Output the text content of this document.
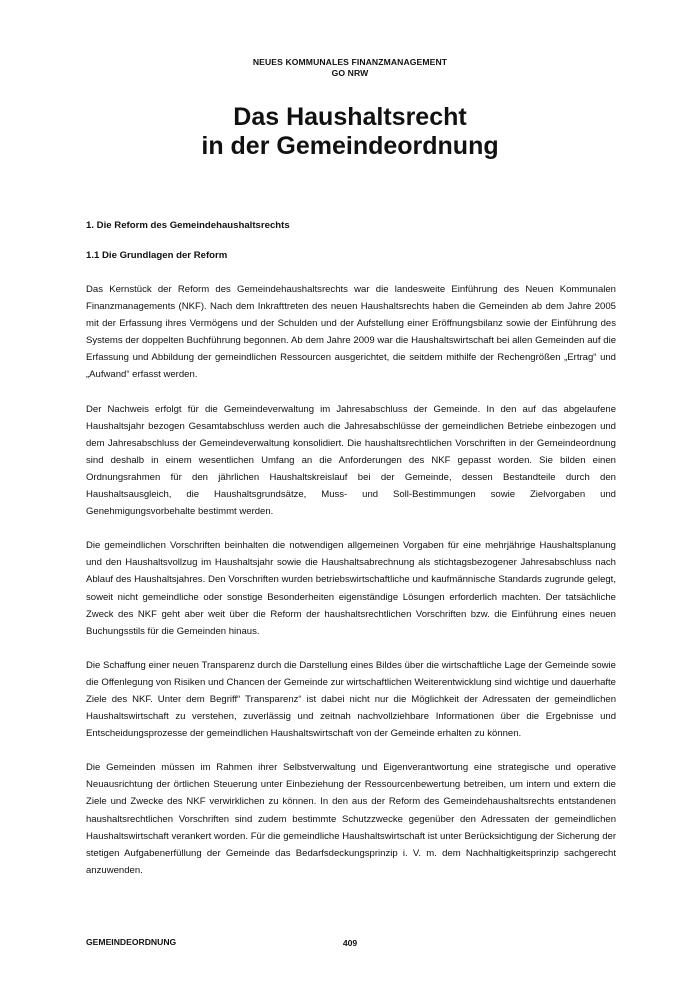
NEUES KOMMUNALES FINANZMANAGEMENT
GO NRW
Das Haushaltsrecht
in der Gemeindeordnung
1. Die Reform des Gemeindehaushaltsrechts
1.1 Die Grundlagen der Reform

Das Kernstück der Reform des Gemeindehaushaltsrechts war die landesweite Einführung des Neuen Kommunalen Finanzmanagements (NKF). Nach dem Inkrafttreten des neuen Haushaltsrechts haben die Gemeinden ab dem Jahre 2005 mit der Erfassung ihres Vermögens und der Schulden und der Aufstellung einer Eröffnungsbilanz sowie der Einführung des Systems der doppelten Buchführung begonnen. Ab dem Jahre 2009 war die Haushaltswirtschaft bei allen Gemeinden auf die Erfassung und Abbildung der gemeindlichen Ressourcen ausgerichtet, die seitdem mithilfe der Rechengrößen „Ertrag“ und „Aufwand“ erfasst werden.

Der Nachweis erfolgt für die Gemeindeverwaltung im Jahresabschluss der Gemeinde. In den auf das abgelaufene Haushaltsjahr bezogen Gesamtabschluss werden auch die Jahresabschlüsse der gemeindlichen Betriebe einbezogen und dem Jahresabschluss der Gemeindeverwaltung konsolidiert. Die haushaltsrechtlichen Vorschriften in der Gemeindeordnung sind deshalb in einem wesentlichen Umfang an die Anforderungen des NKF gepasst worden. Sie bilden einen Ordnungsrahmen für den jährlichen Haushaltskreislauf bei der Gemeinde, dessen Bestandteile durch den Haushaltsausgleich, die Haushaltsgrundsätze, Muss- und Soll-Bestimmungen sowie Zielvorgaben und Genehmigungsvorbehalte bestimmt werden.

Die gemeindlichen Vorschriften beinhalten die notwendigen allgemeinen Vorgaben für eine mehrjährige Haushaltsplanung und den Haushaltsvollzug im Haushaltsjahr sowie die Haushaltsabrechnung als stichtagsbezogener Jahresabschluss nach Ablauf des Haushaltsjahres. Den Vorschriften wurden betriebswirtschaftliche und kaufmännische Standards zugrunde gelegt, soweit nicht gemeindliche oder sonstige Besonderheiten eigenständige Lösungen erforderlich machten. Der tatsächliche Zweck des NKF geht aber weit über die Reform der haushaltsrechtlichen Vorschriften bzw. die Einführung eines neuen Buchungsstils für die Gemeinden hinaus.

Die Schaffung einer neuen Transparenz durch die Darstellung eines Bildes über die wirtschaftliche Lage der Gemeinde sowie die Offenlegung von Risiken und Chancen der Gemeinde zur wirtschaftlichen Weiterentwicklung sind wichtige und dauerhafte Ziele des NKF. Unter dem Begriff“ Transparenz“ ist dabei nicht nur die Möglichkeit der Adressaten der gemeindlichen Haushaltswirtschaft zu verstehen, zuverlässig und zeitnah nachvollziehbare Informationen über die Ergebnisse und Entscheidungsprozesse der gemeindlichen Haushaltswirtschaft von der Gemeinde erhalten zu können.

Die Gemeinden müssen im Rahmen ihrer Selbstverwaltung und Eigenverantwortung eine strategische und operative Neuausrichtung der örtlichen Steuerung unter Einbeziehung der Ressourcenbewertung betreiben, um intern und extern die Ziele und Zwecke des NKF verwirklichen zu können. In den aus der Reform des Gemeindehaushaltsrechts entstandenen haushaltsrechtlichen Vorschriften sind zudem bestimmte Schutzzwecke gegenüber den Adressaten der gemeindlichen Haushaltswirtschaft verankert worden. Für die gemeindliche Haushaltswirtschaft ist unter Berücksichtigung der Sicherung der stetigen Aufgabenerfüllung der Gemeinde das Bedarfsdeckungsprinzip i. V. m. dem Nachhaltigkeitsprinzip sachgerecht anzuwenden.

GEMEINDEORDNUNG	409
